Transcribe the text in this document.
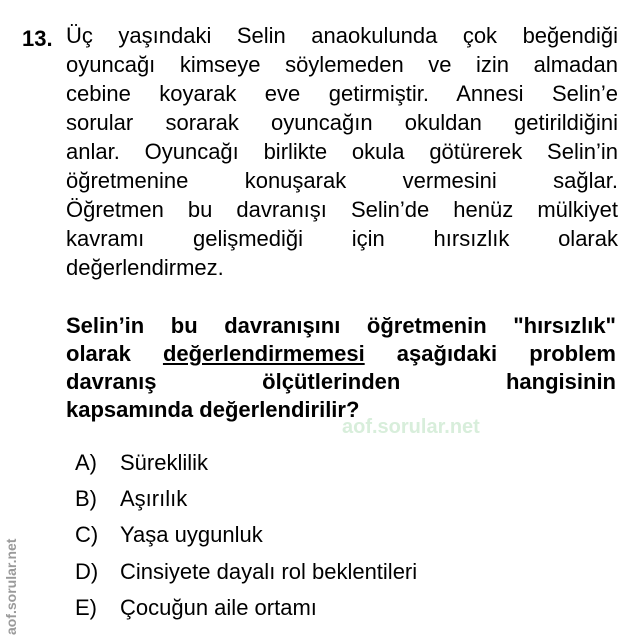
13. Üç yaşındaki Selin anaokulunda çok beğendiği
oyuncağı kimseye söylemeden ve izin almadan
cebine koyarak eve getirmiştir. Annesi Selin’e
sorular sorarak oyuncağın okuldan getirildiğini
anlar. Oyuncağı birlikte okula götürerek Selin’in
öğretmenine konuşarak vermesini sağlar.
Öğretmen bu davranışı Selin’de henüz mülkiyet
kavramı gelişmediği için hırsızlık olarak
değerlendirmez.
Selin’in bu davranışını öğretmenin "hırsızlık"
olarak değerlendirmemesi aşağıdaki problem
davranış ölçütlerinden hangisinin
kapsamında değerlendirilir?
aof.sorular.net
A) Süreklilik
B) Aşırılık
C) Yaşa uygunluk
D) Cinsiyete dayalı rol beklentileri
E) Çocuğun aile ortamı
aof.sorular.net
